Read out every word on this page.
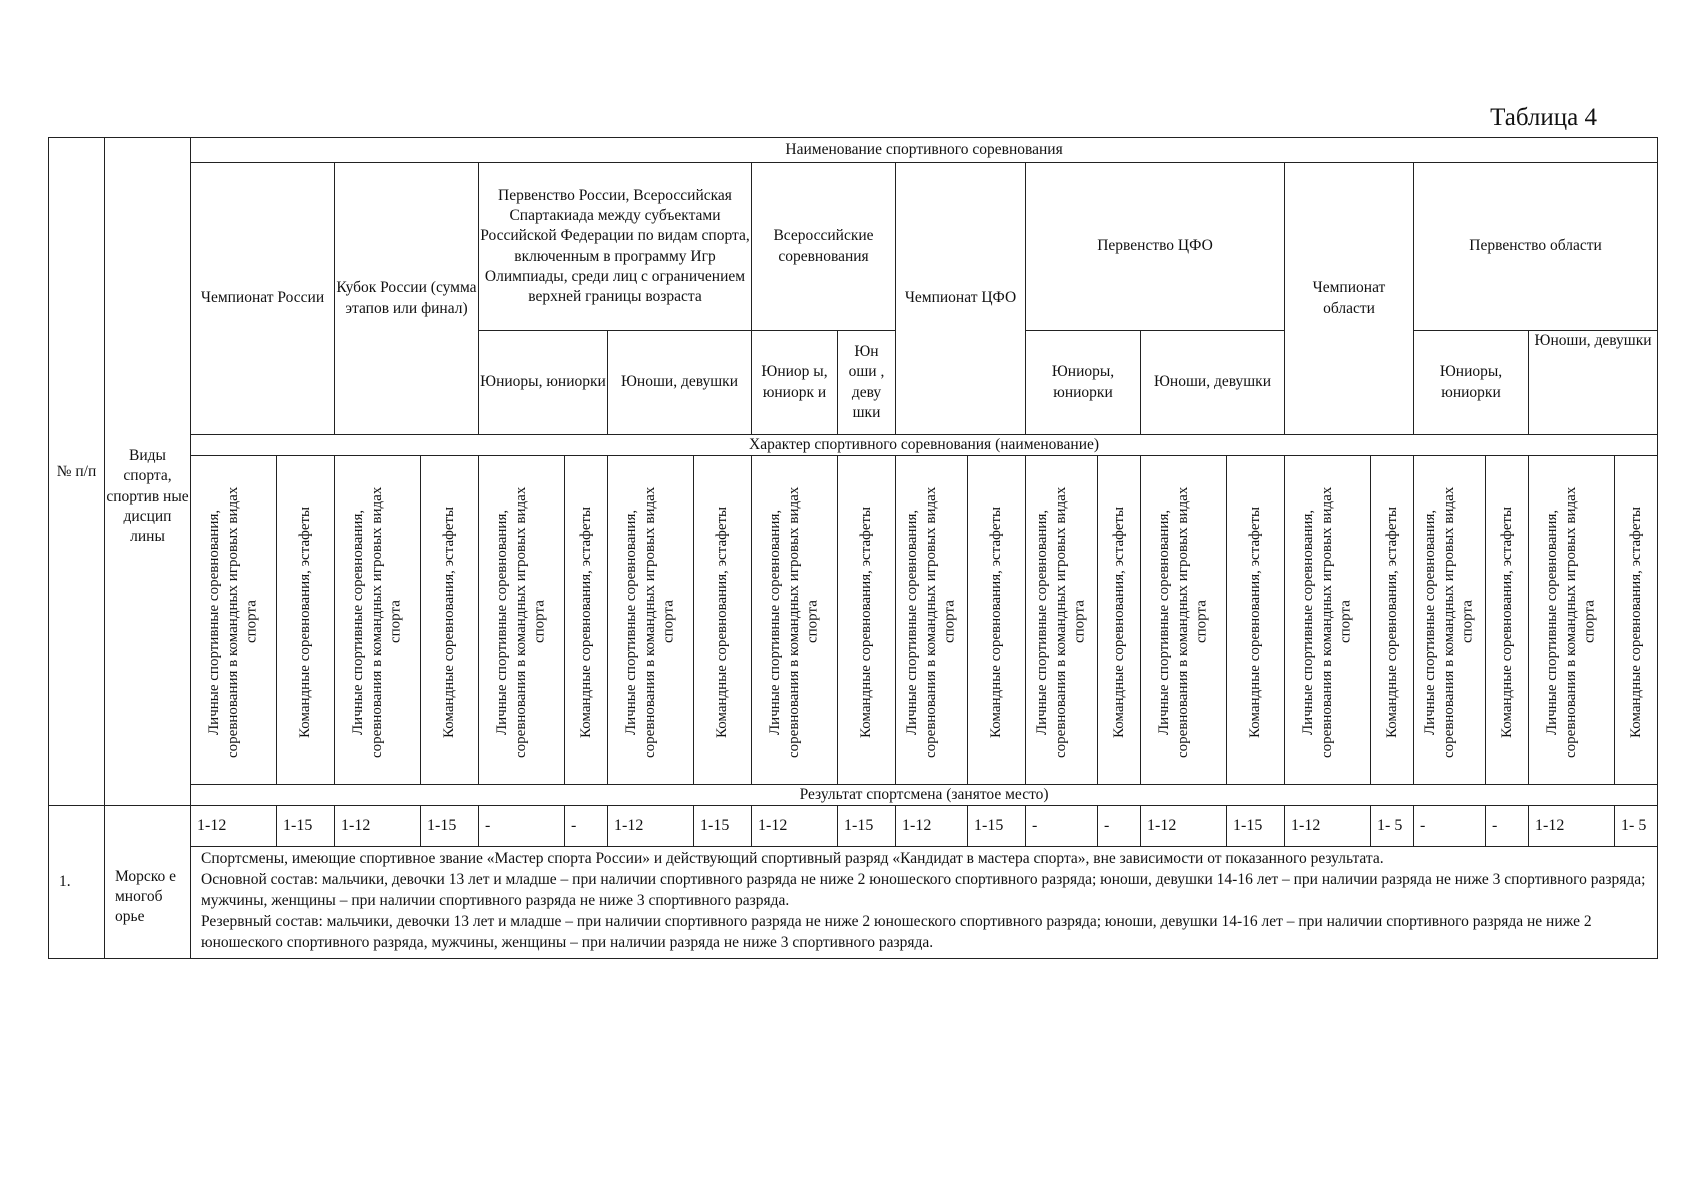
Таблица 4
№ п/п	Виды спорта, спортив ные дисцип лины	Наименование спортивного соревнования																					
		Чемпионат России		Кубок России (сумма этапов или финал)		Первенство России, Всероссийская Спартакиада между субъектами Российской Федерации по видам спорта, включенным в программу Игр Олимпиады, среди лиц с ограничением верхней границы возраста				Всероссийские соревнования		Чемпионат ЦФО		Первенство ЦФО				Чемпионат области		Первенство области			
						Юниоры, юниорки		Юноши, девушки		Юниор ы, юниорк и	Юн оши , деву шки			Юниоры, юниорки		Юноши, девушки				Юниоры, юниорки		Юноши, девушки	
		Характер спортивного соревнования (наименование)																					
		Личные спортивные соревнования, соревнования в командных игровых видах спорта	Командные соревнования, эстафеты	Личные спортивные соревнования, соревнования в командных игровых видах спорта	Командные соревнования, эстафеты	Личные спортивные соревнования, соревнования в командных игровых видах спорта	Командные соревнования, эстафеты	Личные спортивные соревнования, соревнования в командных игровых видах спорта	Командные соревнования, эстафеты	Личные спортивные соревнования, соревнования в командных игровых видах спорта	Командные соревнования, эстафеты	Личные спортивные соревнования, соревнования в командных игровых видах спорта	Командные соревнования, эстафеты	Личные спортивные соревнования, соревнования в командных игровых видах спорта	Командные соревнования, эстафеты	Личные спортивные соревнования, соревнования в командных игровых видах спорта	Командные соревнования, эстафеты	Личные спортивные соревнования, соревнования в командных игровых видах спорта	Командные соревнования, эстафеты	Личные спортивные соревнования, соревнования в командных игровых видах спорта	Командные соревнования, эстафеты	Личные спортивные соревнования, соревнования в командных игровых видах спорта	Командные соревнования, эстафеты
		Результат спортсмена (занятое место)																					
1.	Морско е многоб орье	1-12	1-15	1-12	1-15	-	-	1-12	1-15	1-12	1-15	1-12	1-15	-	-	1-12	1-15	1-12	1- 5	-	-	1-12	1- 5

		Спортсмены, имеющие спортивное звание «Мастер спорта России» и действующий спортивный разряд «Кандидат в мастера спорта», вне зависимости от показанного результата.
Основной состав: мальчики, девочки 13 лет и младше – при наличии спортивного разряда не ниже 2 юношеского спортивного разряда; юноши, девушки 14-16 лет – при наличии разряда не ниже 3 спортивного разряда; мужчины, женщины – при наличии спортивного разряда не ниже 3 спортивного разряда.
Резервный состав: мальчики, девочки 13 лет и младше – при наличии спортивного разряда не ниже 2 юношеского спортивного разряда; юноши, девушки 14-16 лет – при наличии спортивного разряда не ниже 2 юношеского спортивного разряда, мужчины, женщины – при наличии разряда не ниже 3 спортивного разряда.																					
